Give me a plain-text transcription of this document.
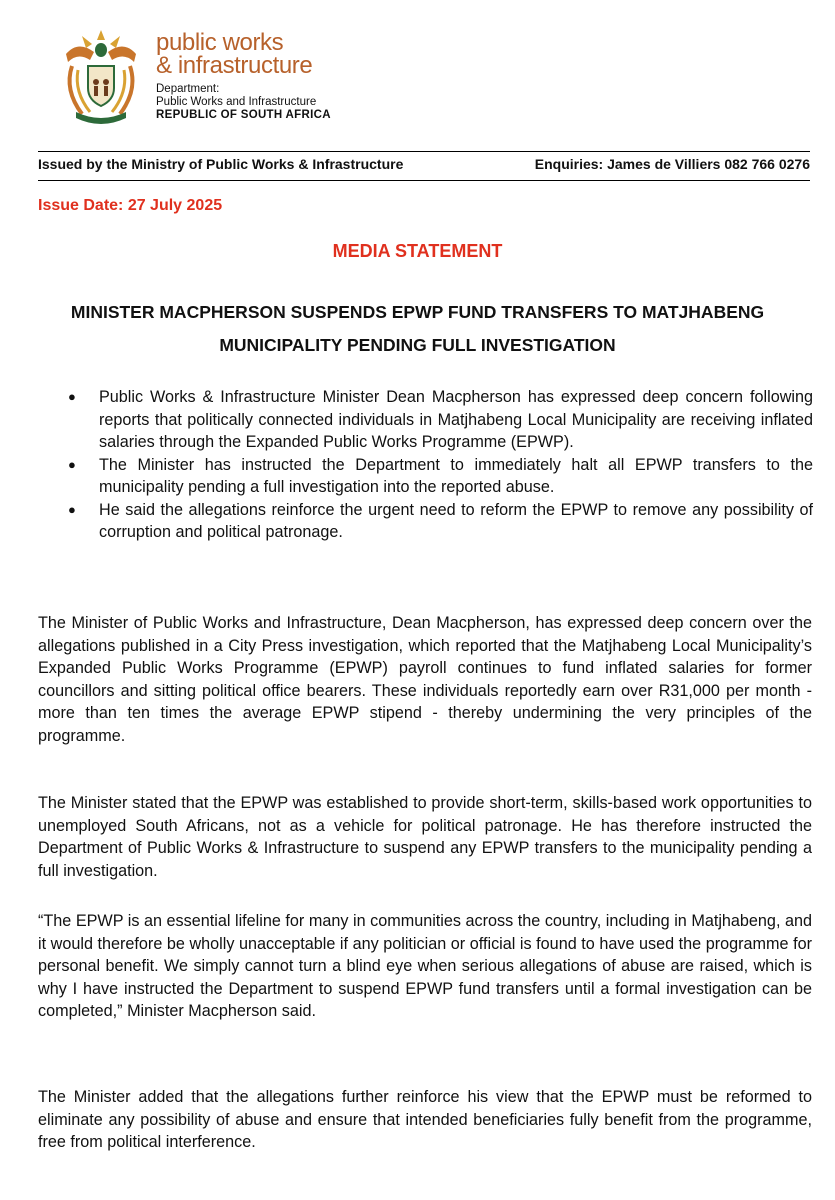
public works
& infrastructure
Department:
Public Works and Infrastructure
REPUBLIC OF SOUTH AFRICA
Issued by the Ministry of Public Works & Infrastructure	Enquiries: James de Villiers 082 766 0276
Issue Date: 27 July 2025
MEDIA STATEMENT
MINISTER MACPHERSON SUSPENDS EPWP FUND TRANSFERS TO MATJHABENG MUNICIPALITY PENDING FULL INVESTIGATION
● Public Works & Infrastructure Minister Dean Macpherson has expressed deep concern following reports that politically connected individuals in Matjhabeng Local Municipality are receiving inflated salaries through the Expanded Public Works Programme (EPWP).
● The Minister has instructed the Department to immediately halt all EPWP transfers to the municipality pending a full investigation into the reported abuse.
● He said the allegations reinforce the urgent need to reform the EPWP to remove any possibility of corruption and political patronage.

The Minister of Public Works and Infrastructure, Dean Macpherson, has expressed deep concern over the allegations published in a City Press investigation, which reported that the Matjhabeng Local Municipality’s Expanded Public Works Programme (EPWP) payroll continues to fund inflated salaries for former councillors and sitting political office bearers. These individuals reportedly earn over R31,000 per month - more than ten times the average EPWP stipend - thereby undermining the very principles of the programme.

The Minister stated that the EPWP was established to provide short-term, skills-based work opportunities to unemployed South Africans, not as a vehicle for political patronage. He has therefore instructed the Department of Public Works & Infrastructure to suspend any EPWP transfers to the municipality pending a full investigation.

“The EPWP is an essential lifeline for many in communities across the country, including in Matjhabeng, and it would therefore be wholly unacceptable if any politician or official is found to have used the programme for personal benefit. We simply cannot turn a blind eye when serious allegations of abuse are raised, which is why I have instructed the Department to suspend EPWP fund transfers until a formal investigation can be completed,” Minister Macpherson said.

The Minister added that the allegations further reinforce his view that the EPWP must be reformed to eliminate any possibility of abuse and ensure that intended beneficiaries fully benefit from the programme, free from political interference.
